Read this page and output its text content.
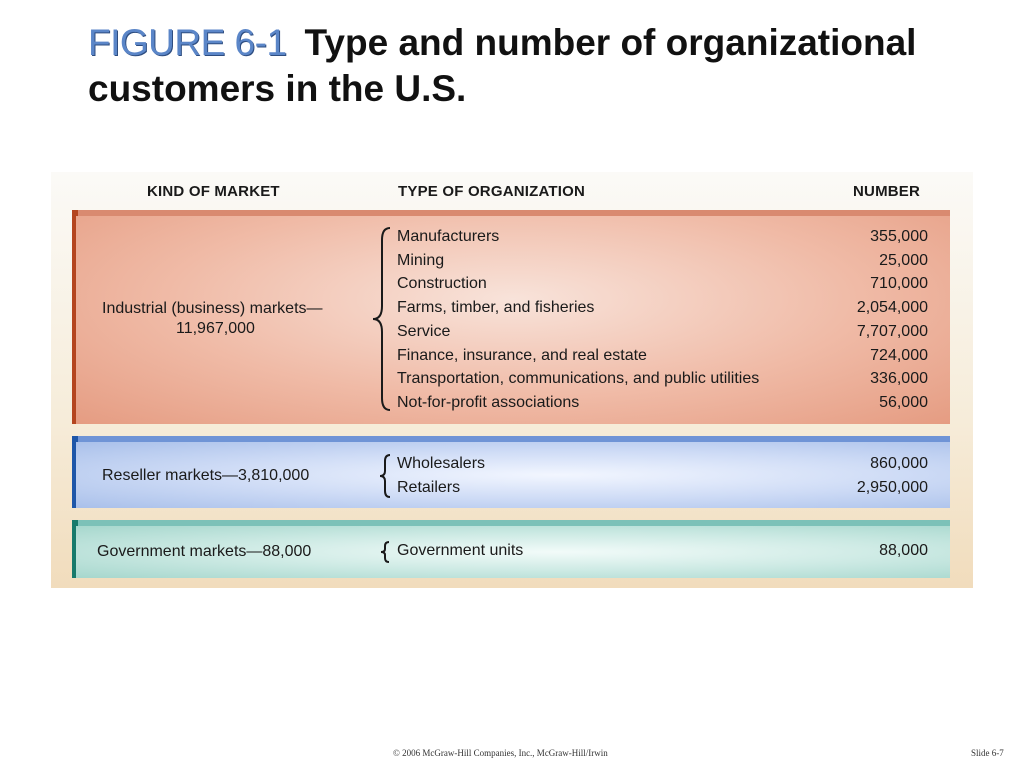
FIGURE 6-1 Type and number of organizational customers in the U.S.
KIND OF MARKET	TYPE OF ORGANIZATION	NUMBER
Industrial (business) markets—
11,967,000
Manufacturers	355,000
Mining	25,000
Construction	710,000
Farms, timber, and fisheries	2,054,000
Service	7,707,000
Finance, insurance, and real estate	724,000
Transportation, communications, and public utilities	336,000
Not-for-profit associations	56,000
Reseller markets—3,810,000
Wholesalers	860,000
Retailers	2,950,000
Government markets—88,000	Government units	88,000
© 2006 McGraw-Hill Companies, Inc., McGraw-Hill/Irwin	Slide 6-7
